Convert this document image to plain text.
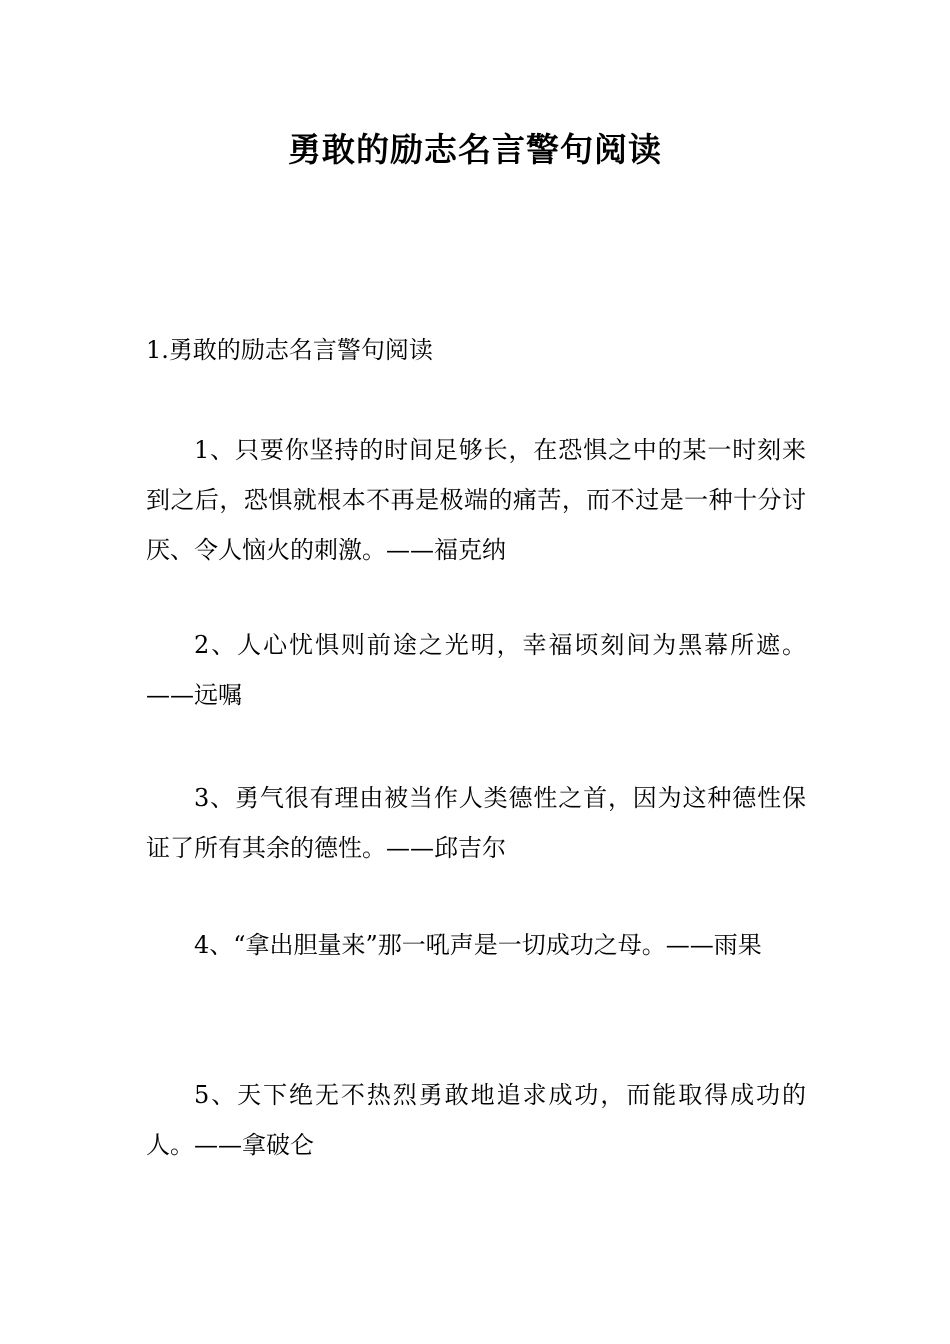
勇敢的励志名言警句阅读
1.勇敢的励志名言警句阅读

1、只要你坚持的时间足够长，在恐惧之中的某一时刻来到之后，恐惧就根本不再是极端的痛苦，而不过是一种十分讨厌、令人恼火的刺激。——福克纳

2、人心忧惧则前途之光明，幸福顷刻间为黑幕所遮。——远嘱

3、勇气很有理由被当作人类德性之首，因为这种德性保证了所有其余的德性。——邱吉尔

4、“拿出胆量来”那一吼声是一切成功之母。——雨果

5、天下绝无不热烈勇敢地追求成功，而能取得成功的人。——拿破仑
